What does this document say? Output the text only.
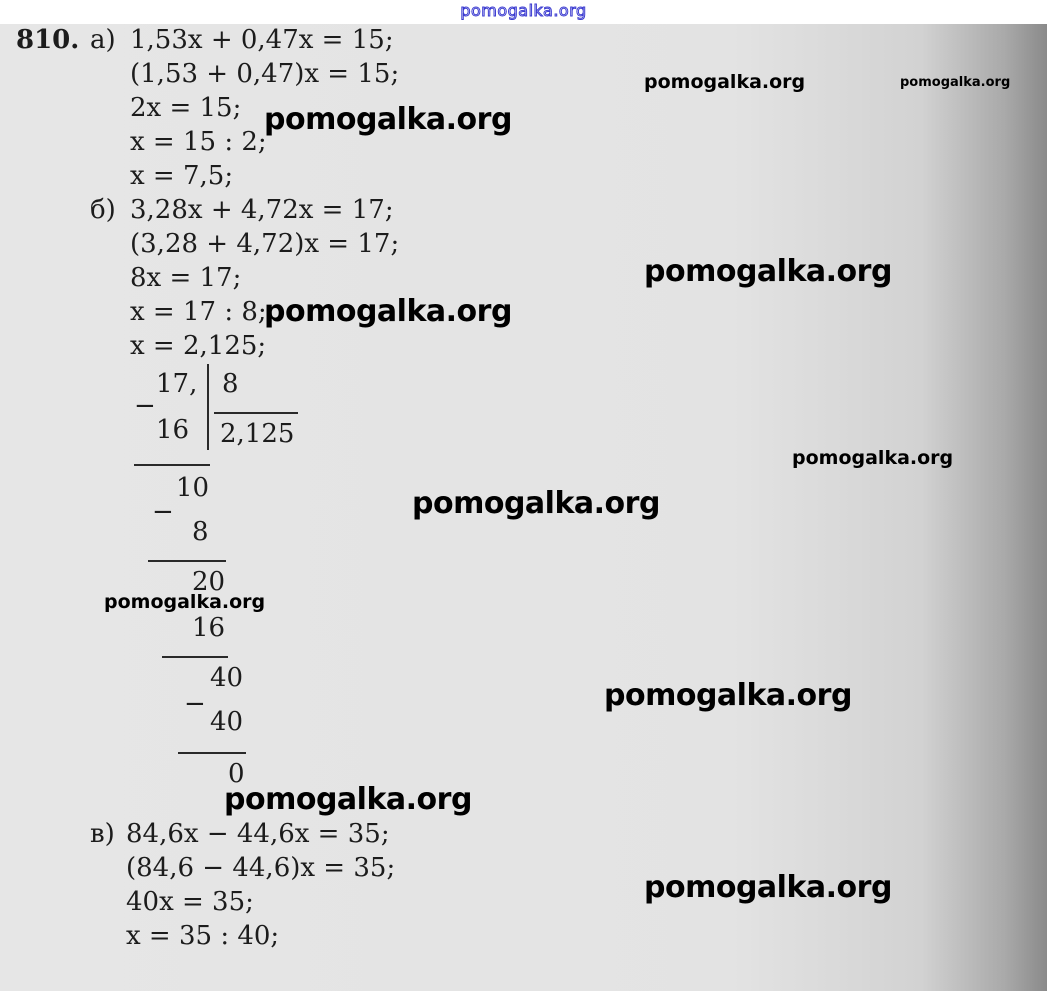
pomogalka.org
810. а) 1,53x + 0,47x = 15;
(1,53 + 0,47)x = 15;
2x = 15;
x = 15 : 2;
x = 7,5;
б) 3,28x + 4,72x = 17;
(3,28 + 4,72)x = 17;
8x = 17;
x = 17 : 8;
x = 2,125;
17, 8
−
16 2,125
10
−
8
20
16
40
−
40
0
в) 84,6x − 44,6x = 35;
(84,6 − 44,6)x = 35;
40x = 35;
x = 35 : 40;
pomogalka.org	pomogalka.org
pomogalka.org
pomogalka.org
pomogalka.org
pomogalka.org
pomogalka.org
pomogalka.org
pomogalka.org
pomogalka.org
pomogalka.org
